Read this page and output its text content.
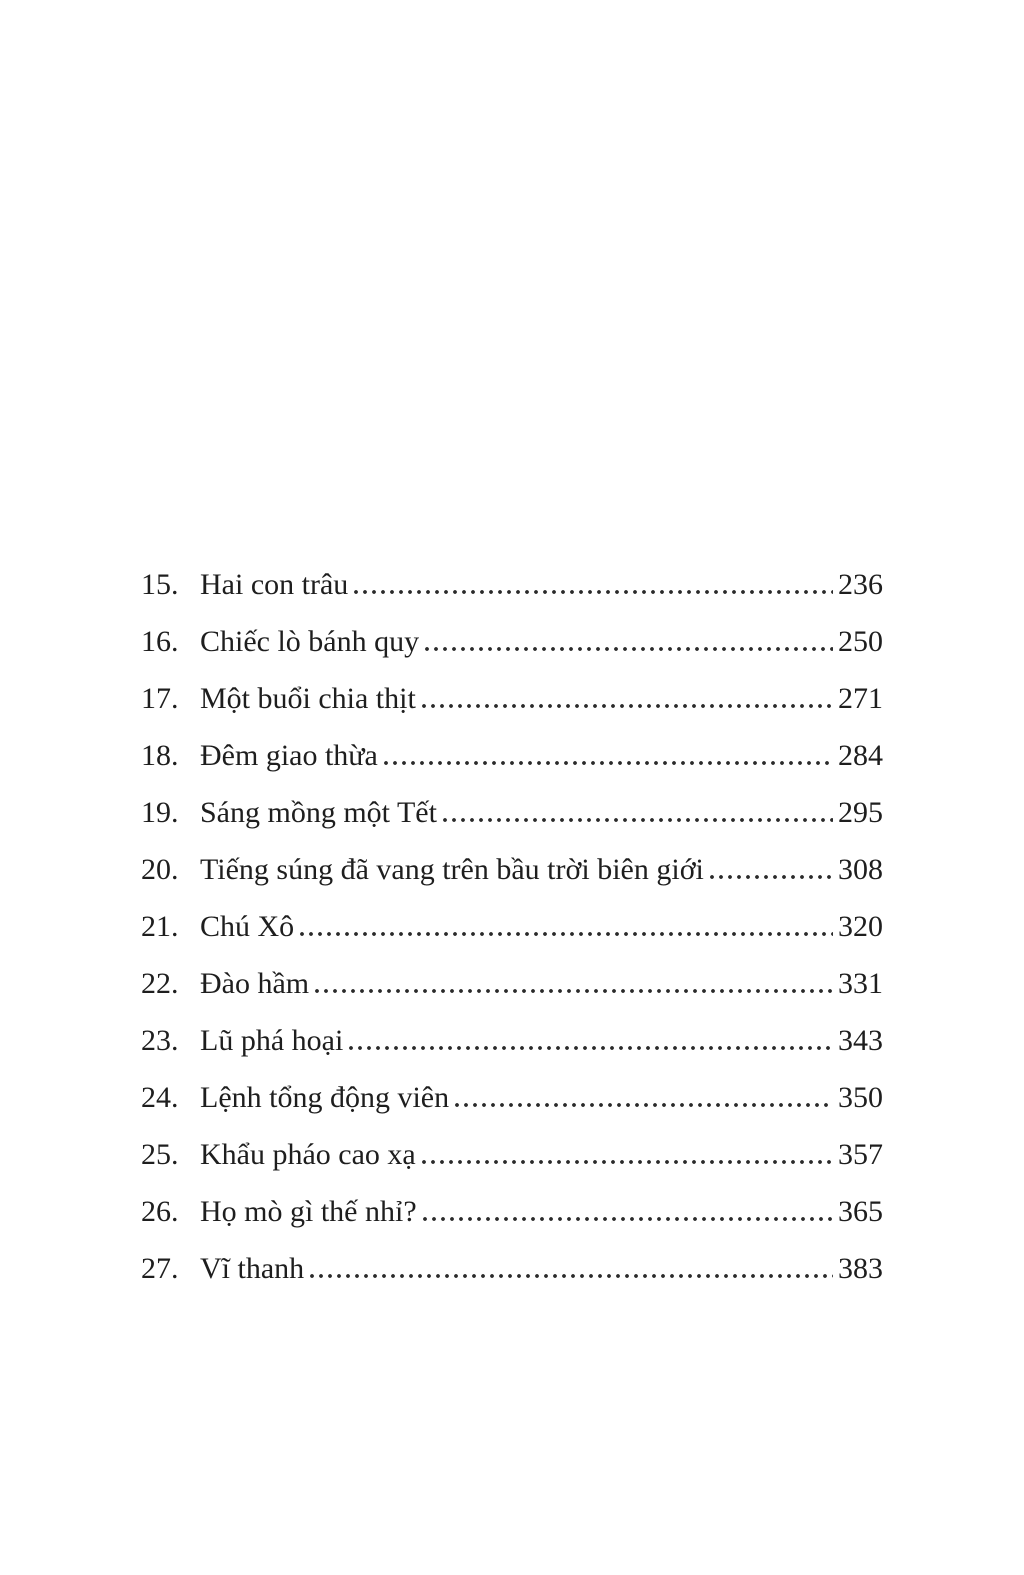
15. Hai con trâu	236
16. Chiếc lò bánh quy	250
17. Một buổi chia thịt	271
18. Đêm giao thừa	284
19. Sáng mồng một Tết	295
20. Tiếng súng đã vang trên bầu trời biên giới	308
21. Chú Xô	320
22. Đào hầm	331
23. Lũ phá hoại	343
24. Lệnh tổng động viên	350
25. Khẩu pháo cao xạ	357
26. Họ mò gì thế nhỉ?	365
27. Vĩ thanh	383
